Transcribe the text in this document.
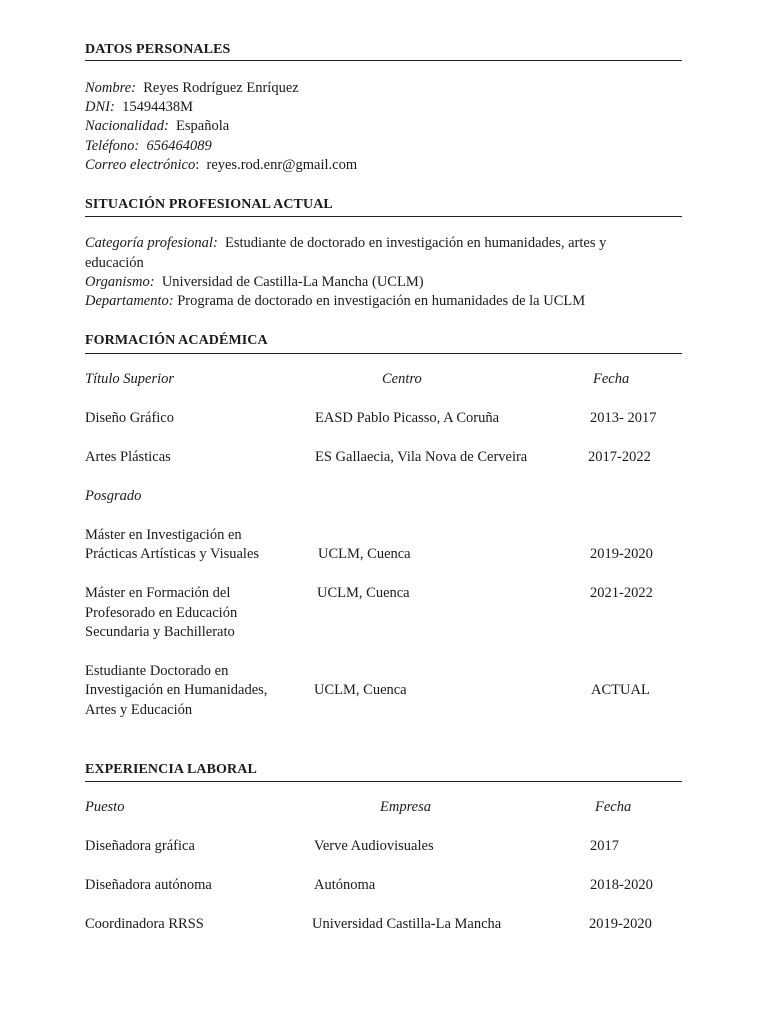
DATOS PERSONALES
Nombre: Reyes Rodríguez Enríquez
DNI: 15494438M
Nacionalidad: Española
Teléfono: 656464089
Correo electrónico:  reyes.rod.enr@gmail.com
SITUACIÓN PROFESIONAL ACTUAL
Categoría profesional: Estudiante de doctorado en investigación en humanidades, artes y
educación
Organismo: Universidad de Castilla-La Mancha (UCLM)
Departamento: Programa de doctorado en investigación en humanidades de la UCLM
FORMACIÓN ACADÉMICA
Título Superior	Centro	Fecha
Diseño Gráfico	EASD Pablo Picasso, A Coruña	2013- 2017
Artes Plásticas	ES Gallaecia, Vila Nova de Cerveira	2017-2022
Posgrado
Máster en Investigación en
Prácticas Artísticas y Visuales	UCLM, Cuenca	2019-2020
Máster en Formación del
Profesorado en Educación
Secundaria y Bachillerato
UCLM, Cuenca	2021-2022
Estudiante Doctorado en
Investigación en Humanidades,
Artes y Educación
UCLM, Cuenca	ACTUAL
EXPERIENCIA LABORAL
Puesto	Empresa	Fecha
Diseñadora gráfica	Verve Audiovisuales	2017
Diseñadora autónoma	Autónoma	2018-2020
Coordinadora RRSS	Universidad Castilla-La Mancha	2019-2020
